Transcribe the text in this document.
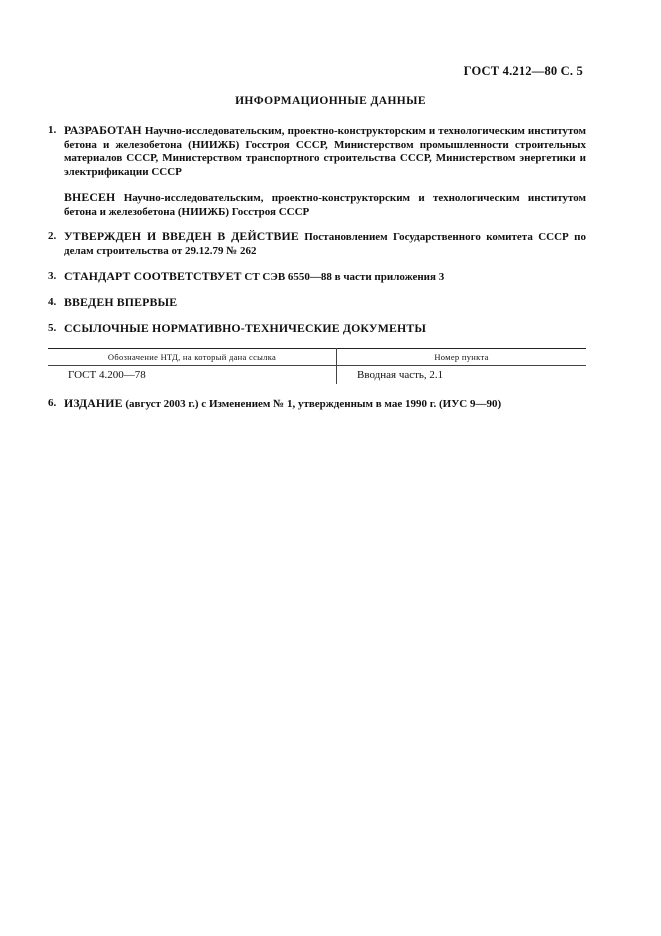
ГОСТ 4.212—80 С. 5
ИНФОРМАЦИОННЫЕ ДАННЫЕ
1. РАЗРАБОТАН Научно-исследовательским, проектно-конструкторским и технологическим институтом бетона и железобетона (НИИЖБ) Госстроя СССР, Министерством промышленности строительных материалов СССР, Министерством транспортного строительства СССР, Министерством энергетики и электрификации СССР
ВНЕСЕН Научно-исследовательским, проектно-конструкторским и технологическим институтом бетона и железобетона (НИИЖБ) Госстроя СССР
2. УТВЕРЖДЕН И ВВЕДЕН В ДЕЙСТВИЕ Постановлением Государственного комитета СССР по делам строительства от 29.12.79 № 262
3. СТАНДАРТ СООТВЕТСТВУЕТ СТ СЭВ 6550—88 в части приложения 3
4. ВВЕДЕН ВПЕРВЫЕ
5. ССЫЛОЧНЫЕ НОРМАТИВНО-ТЕХНИЧЕСКИЕ ДОКУМЕНТЫ
Обозначение НТД, на который дана ссылка	Номер пункта
ГОСТ 4.200—78	Вводная часть, 2.1
6. ИЗДАНИЕ (август 2003 г.) с Изменением № 1, утвержденным в мае 1990 г. (ИУС 9—90)
